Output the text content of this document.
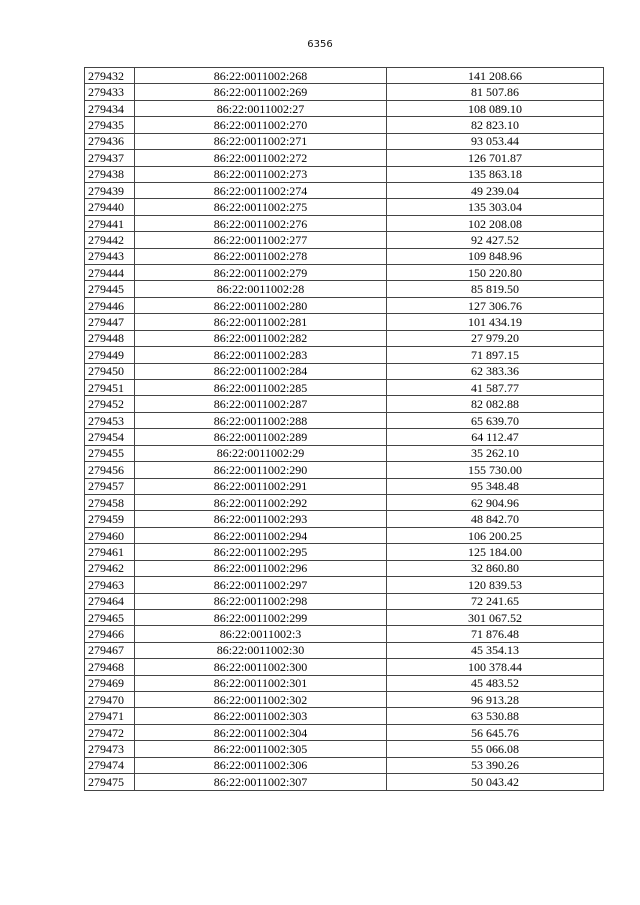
6356
279432	86:22:0011002:268	141 208.66
279433	86:22:0011002:269	81 507.86
279434	86:22:0011002:27	108 089.10
279435	86:22:0011002:270	82 823.10
279436	86:22:0011002:271	93 053.44
279437	86:22:0011002:272	126 701.87
279438	86:22:0011002:273	135 863.18
279439	86:22:0011002:274	49 239.04
279440	86:22:0011002:275	135 303.04
279441	86:22:0011002:276	102 208.08
279442	86:22:0011002:277	92 427.52
279443	86:22:0011002:278	109 848.96
279444	86:22:0011002:279	150 220.80
279445	86:22:0011002:28	85 819.50
279446	86:22:0011002:280	127 306.76
279447	86:22:0011002:281	101 434.19
279448	86:22:0011002:282	27 979.20
279449	86:22:0011002:283	71 897.15
279450	86:22:0011002:284	62 383.36
279451	86:22:0011002:285	41 587.77
279452	86:22:0011002:287	82 082.88
279453	86:22:0011002:288	65 639.70
279454	86:22:0011002:289	64 112.47
279455	86:22:0011002:29	35 262.10
279456	86:22:0011002:290	155 730.00
279457	86:22:0011002:291	95 348.48
279458	86:22:0011002:292	62 904.96
279459	86:22:0011002:293	48 842.70
279460	86:22:0011002:294	106 200.25
279461	86:22:0011002:295	125 184.00
279462	86:22:0011002:296	32 860.80
279463	86:22:0011002:297	120 839.53
279464	86:22:0011002:298	72 241.65
279465	86:22:0011002:299	301 067.52
279466	86:22:0011002:3	71 876.48
279467	86:22:0011002:30	45 354.13
279468	86:22:0011002:300	100 378.44
279469	86:22:0011002:301	45 483.52
279470	86:22:0011002:302	96 913.28
279471	86:22:0011002:303	63 530.88
279472	86:22:0011002:304	56 645.76
279473	86:22:0011002:305	55 066.08
279474	86:22:0011002:306	53 390.26
279475	86:22:0011002:307	50 043.42
